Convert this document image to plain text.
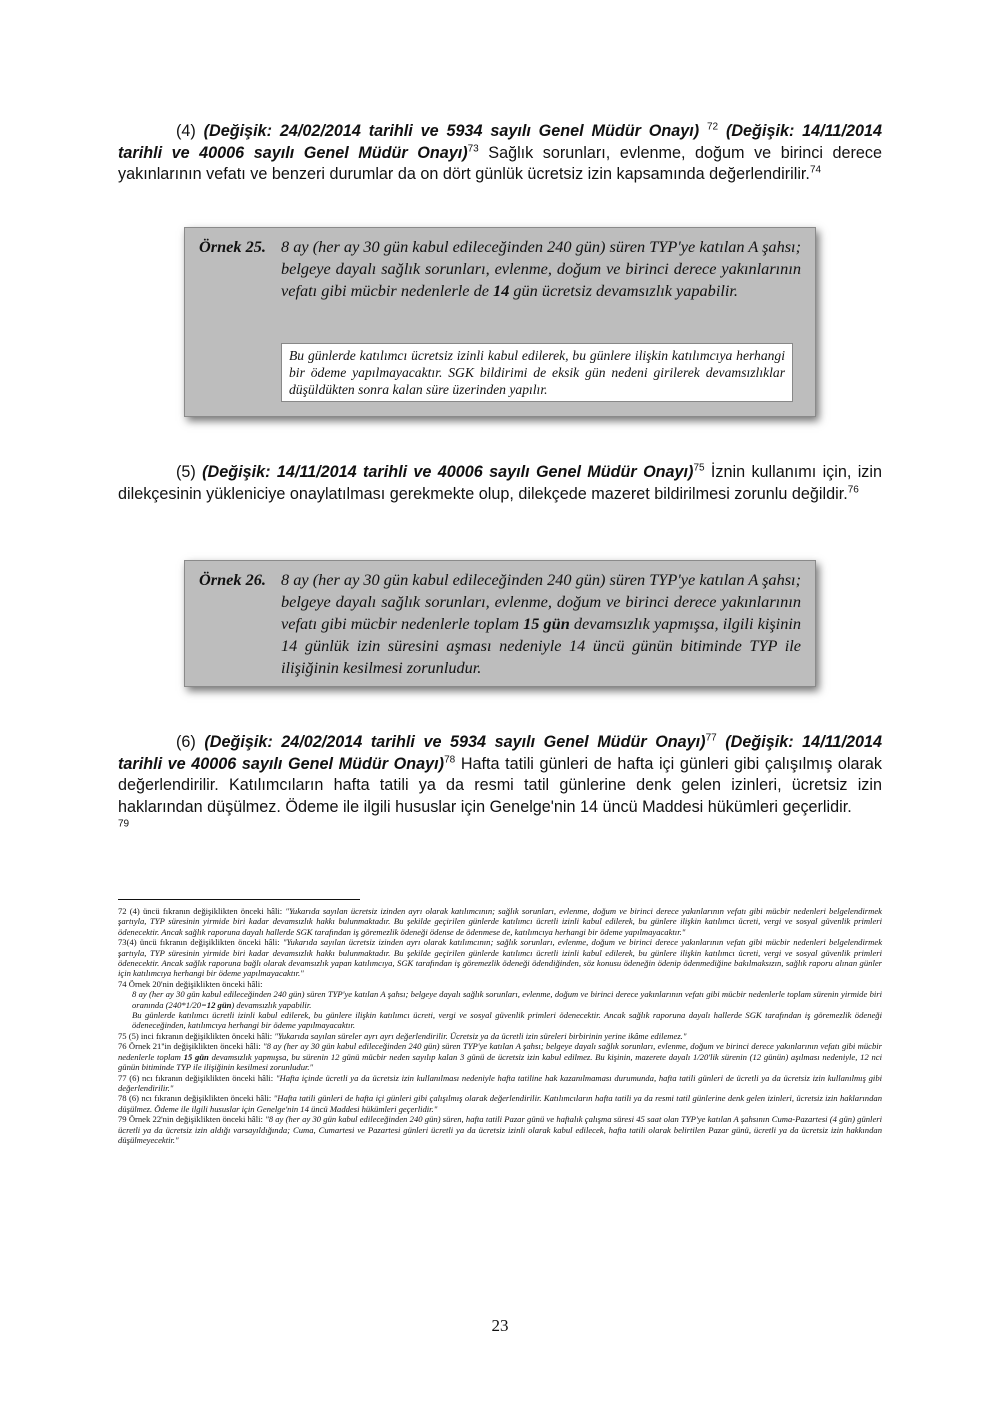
(4) (Değişik: 24/02/2014 tarihli ve 5934 sayılı Genel Müdür Onayı) $^{72}$ (Değişik: 14/11/2014 tarihli ve 40006 sayılı Genel Müdür Onayı)$^{73}$ Sağlık sorunları, evlenme, doğum ve birinci derece yakınlarının vefatı ve benzeri durumlar da on dört günlük ücretsiz izin kapsamında değerlendirilir.$^{74}$
Örnek 25. 8 ay (her ay 30 gün kabul edileceğinden 240 gün) süren TYP'ye katılan A şahsı; belgeye dayalı sağlık sorunları, evlenme, doğum ve birinci derece yakınlarının vefatı gibi mücbir nedenlerle de 14 gün ücretsiz devamsızlık yapabilir.
Bu günlerde katılımcı ücretsiz izinli kabul edilerek, bu günlere ilişkin katılımcıya herhangi bir ödeme yapılmayacaktır. SGK bildirimi de eksik gün nedeni girilerek devamsızlıklar düşüldükten sonra kalan süre üzerinden yapılır.
(5) (Değişik: 14/11/2014 tarihli ve 40006 sayılı Genel Müdür Onayı)$^{75}$ İznin kullanımı için, izin dilekçesinin yükleniciye onaylatılması gerekmekte olup, dilekçede mazeret bildirilmesi zorunlu değildir.$^{76}$
Örnek 26. 8 ay (her ay 30 gün kabul edileceğinden 240 gün) süren TYP'ye katılan A şahsı; belgeye dayalı sağlık sorunları, evlenme, doğum ve birinci derece yakınlarının vefatı gibi mücbir nedenlerle toplam 15 gün devamsızlık yapmışsa, ilgili kişinin 14 günlük izin süresini aşması nedeniyle 14 üncü günün bitiminde TYP ile ilişiğinin kesilmesi zorunludur.
(6) (Değişik: 24/02/2014 tarihli ve 5934 sayılı Genel Müdür Onayı)$^{77}$ (Değişik: 14/11/2014 tarihli ve 40006 sayılı Genel Müdür Onayı)$^{78}$ Hafta tatili günleri de hafta içi günleri gibi çalışılmış olarak değerlendirilir. Katılımcıların hafta tatili ya da resmi tatil günlerine denk gelen izinleri, ücretsiz izin haklarından düşülmez. Ödeme ile ilgili hususlar için Genelge'nin 14 üncü Maddesi hükümleri geçerlidir.
$^{79}$

72 (4) üncü fıkranın değişiklikten önceki hâli: "Yukarıda sayılan ücretsiz izinden ayrı olarak katılımcının; sağlık sorunları, evlenme, doğum ve birinci derece yakınlarının vefatı gibi mücbir nedenleri belgelendirmek şartıyla, TYP süresinin yirmide biri kadar devamsızlık hakkı bulunmaktadır. Bu şekilde geçirilen günlerde katılımcı ücretli izinli kabul edilerek, bu günlere ilişkin katılımcı ücreti, vergi ve sosyal güvenlik primleri ödenecektir. Ancak sağlık raporuna dayalı hallerde SGK tarafından iş göremezlik ödeneği ödense de ödenmese de, katılımcıya herhangi bir ödeme yapılmayacaktır."

73(4) üncü fıkranın değişiklikten önceki hâli: "Yukarıda sayılan ücretsiz izinden ayrı olarak katılımcının; sağlık sorunları, evlenme, doğum ve birinci derece yakınlarının vefatı gibi mücbir nedenleri belgelendirmek şartıyla, TYP süresinin yirmide biri kadar devamsızlık hakkı bulunmaktadır. Bu şekilde geçirilen günlerde katılımcı ücretli izinli kabul edilerek, bu günlere ilişkin katılımcı ücreti, vergi ve sosyal güvenlik primleri ödenecektir. Ancak sağlık raporuna bağlı olarak devamsızlık yapan katılımcıya, SGK tarafından iş göremezlik ödeneği ödendiğinden, söz konusu ödeneğin ödenip ödenmediğine bakılmaksızın, sağlık raporu alınan günler için katılımcıya herhangi bir ödeme yapılmayacaktır."

74 Örnek 20'nin değişiklikten önceki hâli:

8 ay (her ay 30 gün kabul edileceğinden 240 gün) süren TYP'ye katılan A şahsı; belgeye dayalı sağlık sorunları, evlenme, doğum ve birinci derece yakınlarının vefatı gibi mücbir nedenlerle toplam sürenin yirmide biri oranında (240*1/20=12 gün) devamsızlık yapabilir.

Bu günlerde katılımcı ücretli izinli kabul edilerek, bu günlere ilişkin katılımcı ücreti, vergi ve sosyal güvenlik primleri ödenecektir. Ancak sağlık raporuna dayalı hallerde SGK tarafından iş göremezlik ödeneği ödeneceğinden, katılımcıya herhangi bir ödeme yapılmayacaktır.

75 (5) inci fıkranın değişiklikten önceki hâli: "Yukarıda sayılan süreler ayrı ayrı değerlendirilir. Ücretsiz ya da ücretli izin süreleri birbirinin yerine ikâme edilemez."

76 Örnek 21''in değişiklikten önceki hâli: "8 ay (her ay 30 gün kabul edileceğinden 240 gün) süren TYP'ye katılan A şahsı; belgeye dayalı sağlık sorunları, evlenme, doğum ve birinci derece yakınlarının vefatı gibi mücbir nedenlerle toplam 15 gün devamsızlık yapmışsa, bu sürenin 12 günü mücbir neden sayılıp kalan 3 günü de ücretsiz izin kabul edilmez. Bu kişinin, mazerete dayalı 1/20'lik sürenin (12 günün) aşılması nedeniyle, 12 nci günün bitiminde TYP ile ilişiğinin kesilmesi zorunludur."

77 (6) ncı fıkranın değişiklikten önceki hâli: "Hafta içinde ücretli ya da ücretsiz izin kullanılması nedeniyle hafta tatiline hak kazanılmaması durumunda, hafta tatili günleri de ücretli ya da ücretsiz izin kullanılmış gibi değerlendirilir."

78 (6) ncı fıkranın değişiklikten önceki hâli: "Hafta tatili günleri de hafta içi günleri gibi çalışılmış olarak değerlendirilir. Katılımcıların hafta tatili ya da resmi tatil günlerine denk gelen izinleri, ücretsiz izin haklarından düşülmez. Ödeme ile ilgili hususlar için Genelge'nin 14 üncü Maddesi hükümleri geçerlidir."

79 Örnek 22'nin değişiklikten önceki hâli: "8 ay (her ay 30 gün kabul edileceğinden 240 gün) süren, hafta tatili Pazar günü ve haftalık çalışma süresi 45 saat olan TYP'ye katılan A şahsının Cuma-Pazartesi (4 gün) günleri ücretli ya da ücretsiz izin aldığı varsayıldığında; Cuma, Cumartesi ve Pazartesi günleri ücretli ya da ücretsiz izinli olarak kabul edilecek, hafta tatili olarak belirtilen Pazar günü, ücretli ya da ücretsiz izin hakkından düşülmeyecektir."

23
